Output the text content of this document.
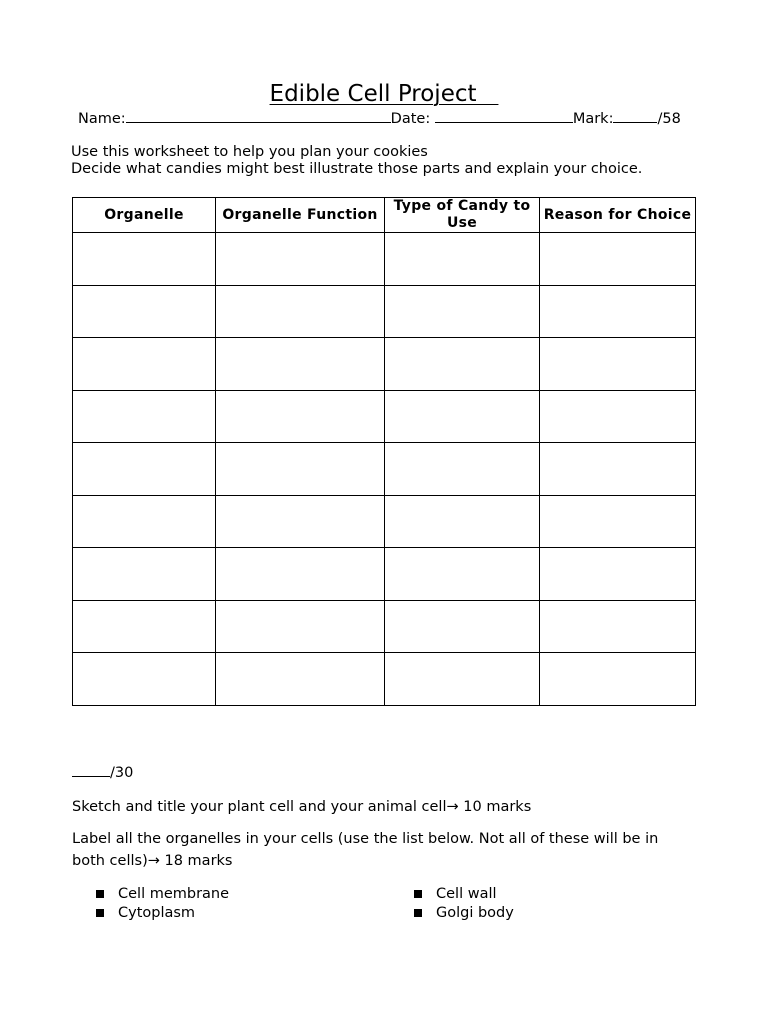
Edible Cell Project
Name:	Date:	Mark:	/58
Use this worksheet to help you plan your cookies
Decide what candies might best illustrate those parts and explain your choice.
Organelle	Organelle Function	Type of Candy to Use	Reason for Choice

/30
Sketch and title your plant cell and your animal cell→ 10 marks
Label all the organelles in your cells (use the list below. Not all of these will be in both cells)→ 18 marks
Cell membrane
Cytoplasm
Cell wall
Golgi body
